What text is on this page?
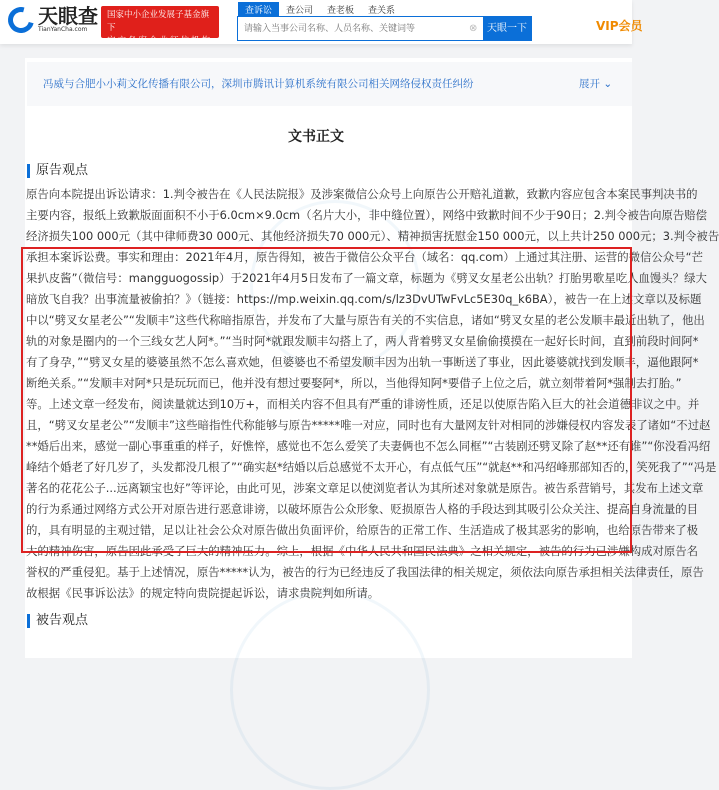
天眼查
TianYanCha.com
国家中小企业发展子基金旗下
官方备案企业征信机构
查诉讼	查公司	查老板	查关系
请输入当事公司名称、人员名称、关键词等
⊗ 天眼一下	VIP会员
冯威与合肥小小莉文化传播有限公司，深圳市腾讯计算机系统有限公司相关网络侵权责任纠纷	展开 ⌄
文书正文
原告观点
原告向本院提出诉讼请求：1.判令被告在《人民法院报》及涉案微信公众号上向原告公开赔礼道歉，致歉内容应包含本案民事判决书的
主要内容，报纸上致歉版面面积不小于6.0cm×9.0cm（名片大小，非中缝位置），网络中致歉时间不少于90日；2.判令被告向原告赔偿
经济损失100 000元（其中律师费30 000元、其他经济损失70 000元）、精神损害抚慰金150 000元，以上共计250 000元；3.判令被告
承担本案诉讼费。事实和理由：2021年4月，原告得知，被告于微信公众平台（域名：qq.com）上通过其注册、运营的微信公众号“芒
果扒皮酱”（微信号：mangguogossip）于2021年4月5日发布了一篇文章，标题为《劈叉女星老公出轨？打胎男歌星吃人血馒头？绿大
暗放飞自我？出事流量被偷拍？》（链接：https://mp.weixin.qq.com/s/lz3DvUTwFvLc5E30q_k6BA），被告一在上述文章以及标题
中以“劈叉女星老公”“发顺丰”这些代称暗指原告，并发布了大量与原告有关的不实信息，诸如“劈叉女星的老公发顺丰最近出轨了，他出
轨的对象是圈内的一个三线女艺人阿*。”“当时阿*就跟发顺丰勾搭上了，两人背着劈叉女星偷偷摸摸在一起好长时间，直到前段时间阿*
有了身孕，”“劈叉女星的婆婆虽然不怎么喜欢她，但婆婆也不希望发顺丰因为出轨一事断送了事业，因此婆婆就找到发顺丰，逼他跟阿*
断绝关系。”“发顺丰对阿*只是玩玩而已，他并没有想过要娶阿*，所以，当他得知阿*要借子上位之后，就立刻带着阿*强制去打胎。”
等。上述文章一经发布，阅读量就达到10万+，而相关内容不但具有严重的诽谤性质，还足以使原告陷入巨大的社会道德非议之中。并
且，“劈叉女星老公”“发顺丰”这些暗指性代称能够与原告*****唯一对应，同时也有大量网友针对相同的涉嫌侵权内容发表了诸如“不过赵
**婚后出来，感觉一副心事重重的样子，好憔悴，感觉也不怎么爱笑了夫妻俩也不怎么同框”“古装剧还劈叉除了赵**还有谁”“你没看冯绍
峰结个婚老了好几岁了，头发都没几根了”“确实赵*结婚以后总感觉不太开心，有点低气压”“就赵**和冯绍峰那部知否的，笑死我了”“冯是
著名的花花公子...远离颖宝也好”等评论，由此可见，涉案文章足以使浏览者认为其所述对象就是原告。被告系营销号，其发布上述文章
的行为系通过网络方式公开对原告进行恶意诽谤，以破坏原告公众形象、贬损原告人格的手段达到其吸引公众关注、提高自身流量的目
的，具有明显的主观过错，足以让社会公众对原告做出负面评价，给原告的正常工作、生活造成了极其恶劣的影响，也给原告带来了极
大的精神伤害，原告因此承受了巨大的精神压力。综上，根据《中华人民共和国民法典》之相关规定，被告的行为已涉嫌构成对原告名
誉权的严重侵犯。基于上述情况，原告*****认为，被告的行为已经违反了我国法律的相关规定，须依法向原告承担相关法律责任，原告
故根据《民事诉讼法》的规定特向贵院提起诉讼，请求贵院判如所请。
被告观点
